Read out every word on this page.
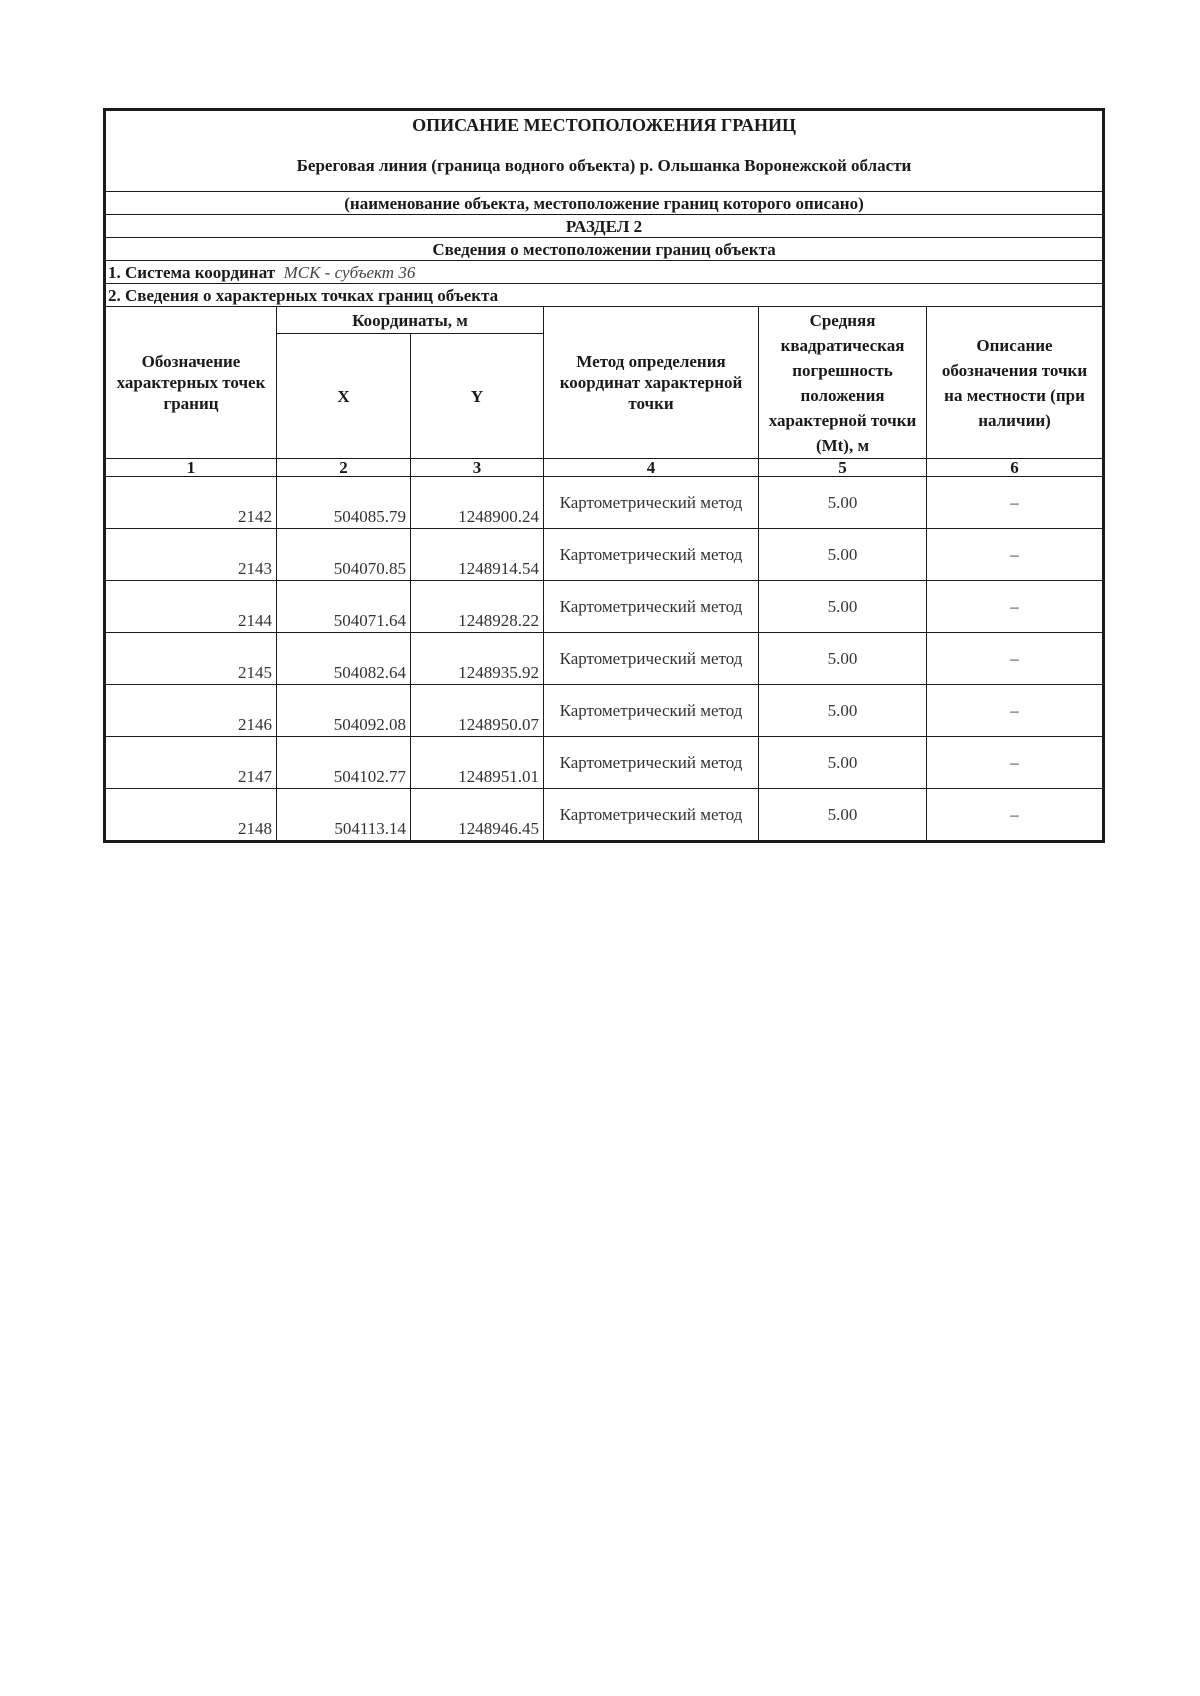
ОПИСАНИЕ МЕСТОПОЛОЖЕНИЯ ГРАНИЦ					
Береговая линия (граница водного объекта) р. Ольшанка Воронежской области					
(наименование объекта, местоположение границ которого описано)					
РАЗДЕЛ 2					
Сведения о местоположении границ объекта					
1. Система координат МСК - субъект 36					
2. Сведения о характерных точках границ объекта					
Обозначение характерных точек границ	Координаты, м		Метод определения координат характерной точки	Средняя квадратическая погрешность положения характерной точки (Mt), м	Описание обозначения точки на местности (при наличии)
	X	Y			
1	2	3	4	5	6
2142	504085.79	1248900.24	Картометрический метод	5.00	–
2143	504070.85	1248914.54	Картометрический метод	5.00	–
2144	504071.64	1248928.22	Картометрический метод	5.00	–
2145	504082.64	1248935.92	Картометрический метод	5.00	–
2146	504092.08	1248950.07	Картометрический метод	5.00	–
2147	504102.77	1248951.01	Картометрический метод	5.00	–
2148	504113.14	1248946.45	Картометрический метод	5.00	–
